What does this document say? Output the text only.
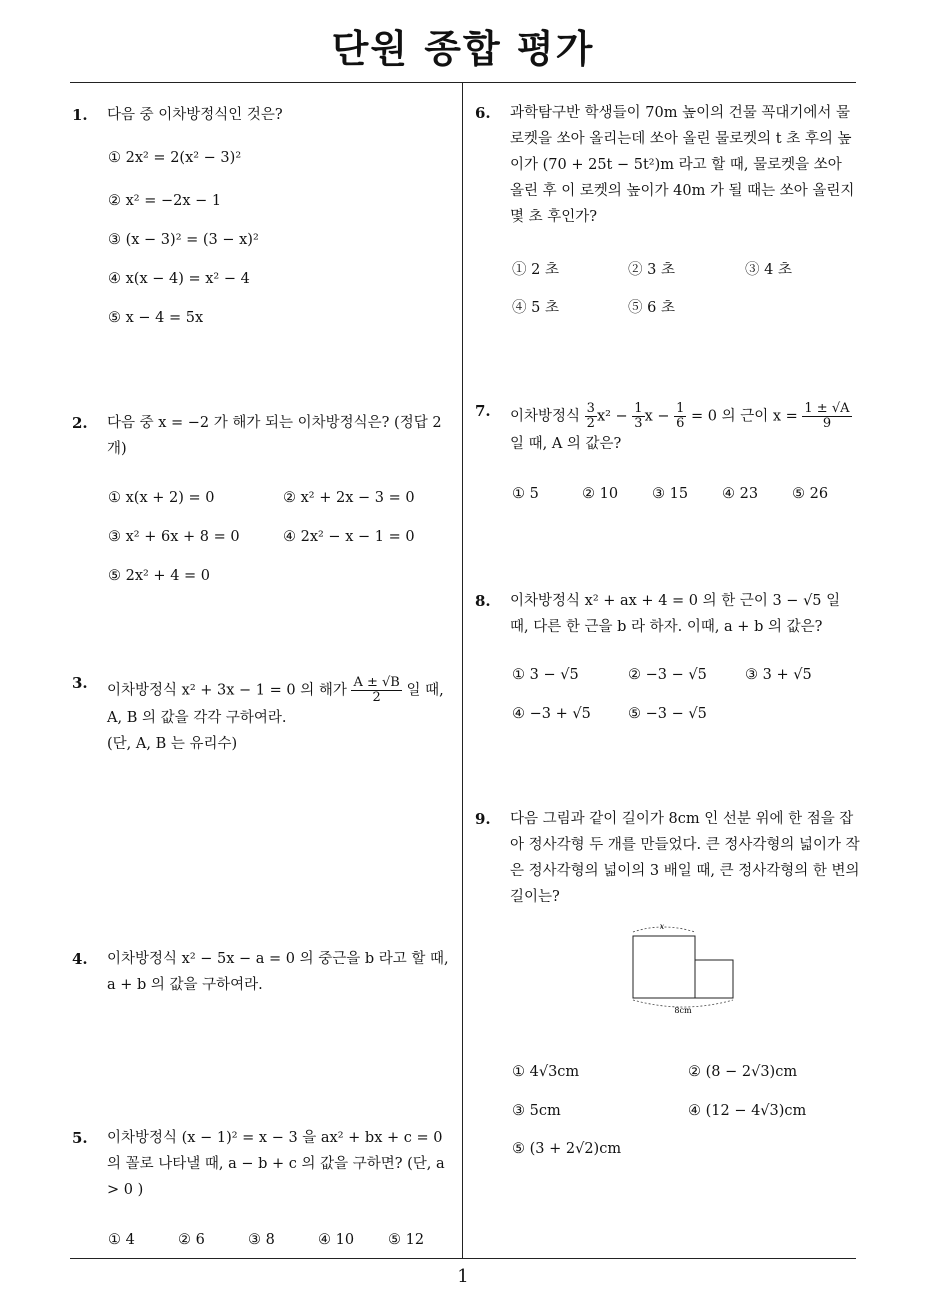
단원 종합 평가
1. 다음 중 이차방정식인 것은?
① 2x² = 2(x² − 3)²
② x² = −2x − 1
③ (x − 3)² = (3 − x)²
④ x(x − 4) = x² − 4
⑤ x − 4 = 5x
2. 다음 중 x = −2 가 해가 되는 이차방정식은? (정답 2 개)
① x(x + 2) = 0	② x² + 2x − 3 = 0
③ x² + 6x + 8 = 0	④ 2x² − x − 1 = 0
⑤ 2x² + 4 = 0
3. 이차방정식 x² + 3x − 1 = 0 의 해가 $\frac{A \pm √B}{2}$ 일 때,
A, B 의 값을 각각 구하여라.
(단, A, B 는 유리수)
4. 이차방정식 x² − 5x − a = 0 의 중근을 b 라고 할 때, a + b 의 값을 구하여라.
5. 이차방정식 (x − 1)² = x − 3 을 ax² + bx + c = 0 의 꼴로 나타낼 때, a − b + c 의 값을 구하면? (단, a > 0 )
① 4	② 6	③ 8	④ 10 ⑤ 12
6. 과학탐구반 학생들이 70m 높이의 건물 꼭대기에서 물로켓을 쏘아 올리는데 쏘아 올린 물로켓의 t 초 후의 높이가 (70 + 25t − 5t²)m 라고 할 때, 물로켓을 쏘아 올린 후 이 로켓의 높이가 40m 가 될 때는 쏘아 올린지 몇 초 후인가?
① 2 초	② 3 초	③ 4 초
④ 5 초	⑤ 6 초
7. 이차방정식 $\frac{3}{2} x^2 - \frac{1}{3}$ $x - \frac{1}{6} = 0$ 의 근이 $x = \frac{1 \pm √A}{9}$
일 때, A 의 값은?
① 5	② 10 ③ 15 ④ 23 ⑤ 26
8. 이차방정식 x² + ax + 4 = 0 의 한 근이 3 − √5 일 때, 다른 한 근을 b 라 하자. 이때, a + b 의 값은?
① 3 − √5	② −3 − √5	③ 3 + √5
④ −3 + √5	⑤ −3 − √5
9. 다음 그림과 같이 길이가 8cm 인 선분 위에 한 점을 잡아 정사각형 두 개를 만들었다. 큰 정사각형의 넓이가 작은 정사각형의 넓이의 3 배일 때, 큰 정사각형의 한 변의 길이는?
x
8cm
① 4√3cm	② (8 − 2√3)cm
③ 5cm	④ (12 − 4√3)cm
⑤ (3 + 2√2)cm
1
